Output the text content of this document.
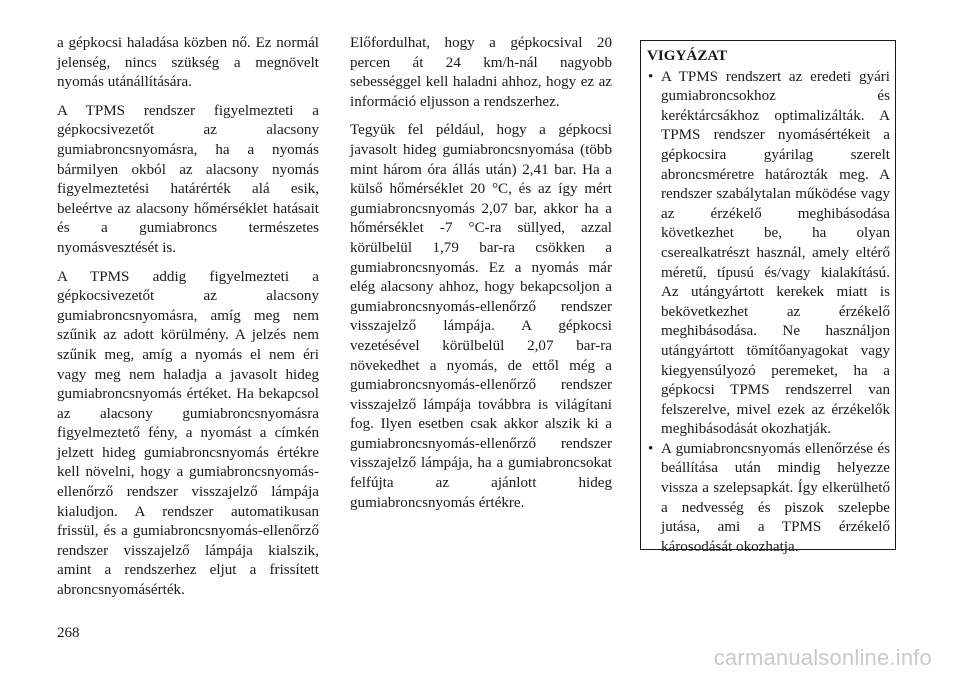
a gépkocsi haladása közben nő. Ez normál jelenség, nincs szükség a megnövelt nyomás utánállítására.

A TPMS rendszer figyelmezteti a gépkocsivezetőt az alacsony gumiabroncsnyomásra, ha a nyomás bármilyen okból az alacsony nyomás figyelmeztetési határérték alá esik, beleértve az alacsony hőmérséklet hatásait és a gumiabroncs természetes nyomásvesztését is.

A TPMS addig figyelmezteti a gépkocsivezetőt az alacsony gumiabroncsnyomásra, amíg meg nem szűnik az adott körülmény. A jelzés nem szűnik meg, amíg a nyomás el nem éri vagy meg nem haladja a javasolt hideg gumiabroncsnyomás értéket. Ha bekapcsol az alacsony gumiabroncsnyomásra figyelmeztető fény, a nyomást a címkén jelzett hideg gumiabroncsnyomás értékre kell növelni, hogy a gumiabroncsnyomás-ellenőrző rendszer visszajelző lámpája kialudjon. A rendszer automatikusan frissül, és a gumiabroncsnyomás-ellenőrző rendszer visszajelző lámpája kialszik, amint a rendszerhez eljut a frissített abroncsnyomásérték.

Előfordulhat, hogy a gépkocsival 20 percen át 24 km/h-nál nagyobb sebességgel kell haladni ahhoz, hogy ez az információ eljusson a rendszerhez.

Tegyük fel például, hogy a gépkocsi javasolt hideg gumiabroncsnyomása (több mint három óra állás után) 2,41 bar. Ha a külső hőmérséklet 20 °C, és az így mért gumiabroncsnyomás 2,07 bar, akkor ha a hőmérséklet -7 °C-ra süllyed, azzal körülbelül 1,79 bar-ra csökken a gumiabroncsnyomás. Ez a nyomás már elég alacsony ahhoz, hogy bekapcsoljon a gumiabroncsnyomás-ellenőrző rendszer visszajelző lámpája. A gépkocsi vezetésével körülbelül 2,07 bar-ra növekedhet a nyomás, de ettől még a gumiabroncsnyomás-ellenőrző rendszer visszajelző lámpája továbbra is világítani fog. Ilyen esetben csak akkor alszik ki a gumiabroncsnyomás-ellenőrző rendszer visszajelző lámpája, ha a gumiabroncsokat felfújta az ajánlott hideg gumiabroncsnyomás értékre.

VIGYÁZAT
• A TPMS rendszert az eredeti gyári gumiabroncsokhoz és keréktárcsákhoz optimalizálták. A TPMS rendszer nyomásértékeit a gépkocsira gyárilag szerelt abroncsméretre határozták meg. A rendszer szabálytalan működése vagy az érzékelő meghibásodása következhet be, ha olyan cserealkatrészt használ, amely eltérő méretű, típusú és/vagy kialakítású. Az utángyártott kerekek miatt is bekövetkezhet az érzékelő meghibásodása. Ne használjon utángyártott tömítőanyagokat vagy kiegyensúlyozó peremeket, ha a gépkocsi TPMS rendszerrel van felszerelve, mivel ezek az érzékelők meghibásodását okozhatják.
• A gumiabroncsnyomás ellenőrzése és beállítása után mindig helyezze vissza a szelepsapkát. Így elkerülhető a nedvesség és piszok szelepbe jutása, ami a TPMS érzékelő károsodását okozhatja.
268
carmanualsonline.info
